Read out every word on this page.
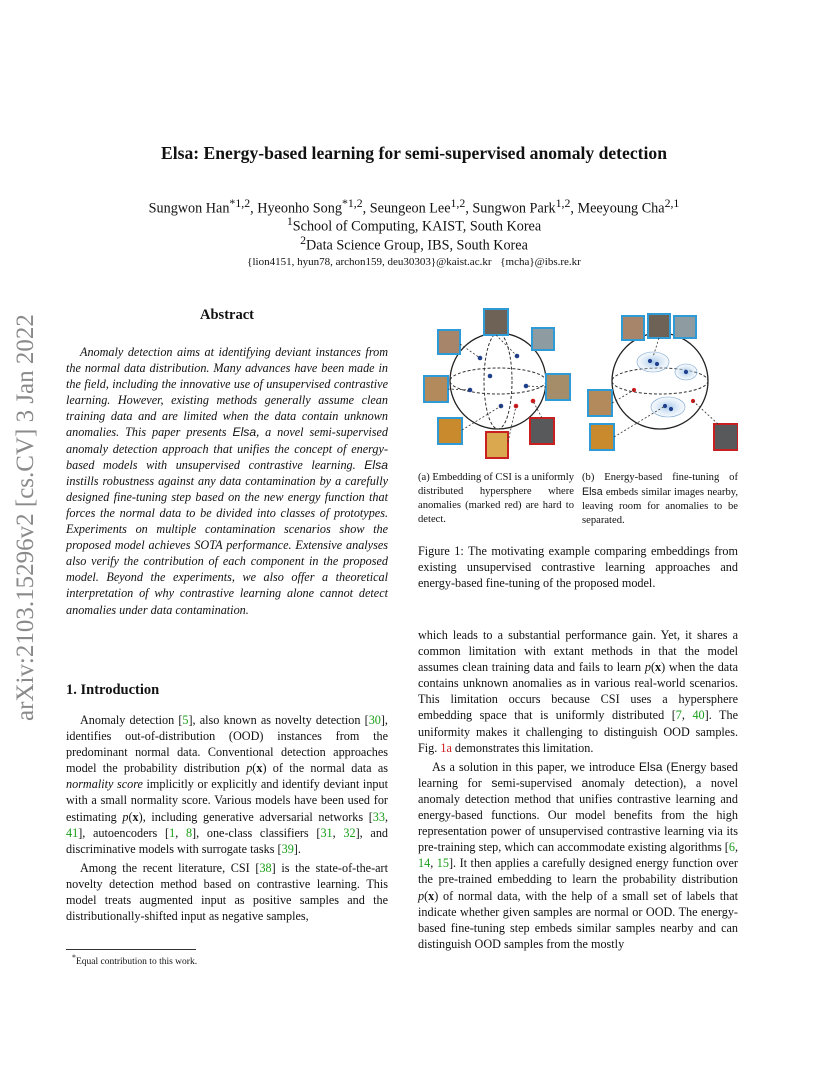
arXiv:2103.15296v2 [cs.CV] 3 Jan 2022
Elsa: Energy-based learning for semi-supervised anomaly detection
Sungwon Han$^{*1,2}$, Hyeonho Song$^{*1,2}$, Seungeon Lee$^{1,2}$, Sungwon Park$^{1,2}$, Meeyoung Cha$^{2,1}$
$^1$School of Computing, KAIST, South Korea
$^2$Data Science Group, IBS, South Korea
{lion4151, hyun78, archon159, deu30303}@kaist.ac.kr {mcha}@ibs.re.kr
Abstract
Anomaly detection aims at identifying deviant instances from the normal data distribution. Many advances have been made in the field, including the innovative use of unsupervised contrastive learning. However, existing methods generally assume clean training data and are limited when the data contain unknown anomalies. This paper presents Elsa, a novel semi-supervised anomaly detection approach that unifies the concept of energy-based models with unsupervised contrastive learning. Elsa instills robustness against any data contamination by a carefully designed fine-tuning step based on the new energy function that forces the normal data to be divided into classes of prototypes. Experiments on multiple contamination scenarios show the proposed model achieves SOTA performance. Extensive analyses also verify the contribution of each component in the proposed model. Beyond the experiments, we also offer a theoretical interpretation of why contrastive learning alone cannot detect anomalies under data contamination.
1. Introduction

Anomaly detection [5], also known as novelty detection [30], identifies out-of-distribution (OOD) instances from the predominant normal data. Conventional detection approaches model the probability distribution p(x) of the normal data as normality score implicitly or explicitly and identify deviant input with a small normality score. Various models have been used for estimating p(x), including generative adversarial networks [33, 41], autoencoders [1, 8], one-class classifiers [31, 32], and discriminative models with surrogate tasks [39].

Among the recent literature, CSI [38] is the state-of-the-art novelty detection method based on contrastive learning. This model treats augmented input as positive samples and the distributionally-shifted input as negative samples,

*Equal contribution to this work.
(a) Embedding of CSI is a uniformly distributed hypersphere where anomalies (marked red) are hard to detect.
(b) Energy-based fine-tuning of Elsa embeds similar images nearby, leaving room for anomalies to be separated.
Figure 1: The motivating example comparing embeddings from existing unsupervised contrastive learning approaches and energy-based fine-tuning of the proposed model.

which leads to a substantial performance gain. Yet, it shares a common limitation with extant methods in that the model assumes clean training data and fails to learn p(x) when the data contains unknown anomalies as in various real-world scenarios. This limitation occurs because CSI uses a hypersphere embedding space that is uniformly distributed [7, 40]. The uniformity makes it challenging to distinguish OOD samples. Fig. 1a demonstrates this limitation.

As a solution in this paper, we introduce Elsa (Energy based learning for semi-supervised anomaly detection), a novel anomaly detection method that unifies contrastive learning and energy-based functions. Our model benefits from the high representation power of unsupervised contrastive learning via its pre-training step, which can accommodate existing algorithms [6, 14, 15]. It then applies a carefully designed energy function over the pre-trained embedding to learn the probability distribution p(x) of normal data, with the help of a small set of labels that indicate whether given samples are normal or OOD. The energy-based fine-tuning step embeds similar samples nearby and can distinguish OOD samples from the mostly
